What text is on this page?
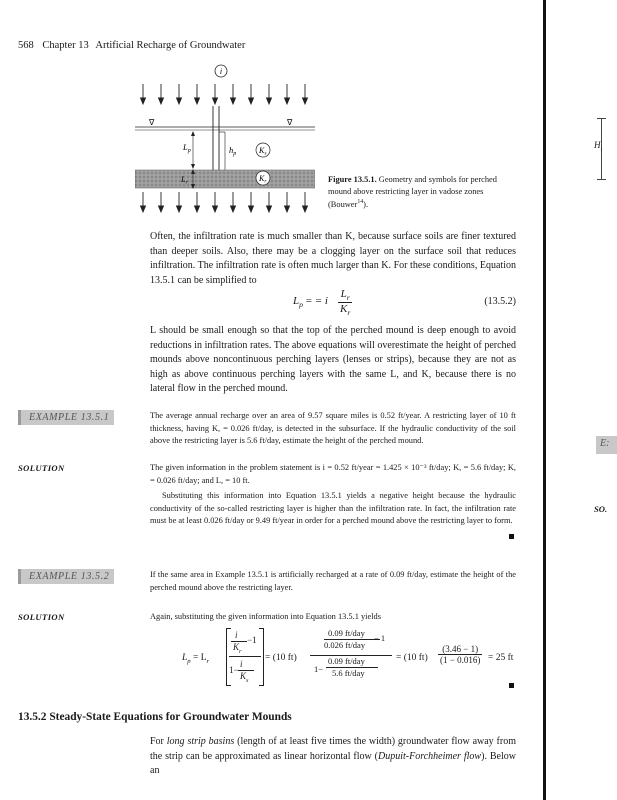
568 Chapter 13 Artificial Recharge of Groundwater
i
∇	∇
$L_p$	$h_p$	Ks
Lr	Kr	Figure 13.5.1. Geometry and symbols for perched mound above restricting layer in vadose zones (Bouwer$^{14}$).
Often, the infiltration rate is much smaller than K, because surface soils are finer textured than deeper soils. Also, there may be a clogging layer on the surface soil that reduces infiltration. The infiltration rate is often much larger than K. For these conditions, Equation 13.5.1 can be simplified to
$L_p$ = = i $\frac{L_r}{K_r}$	(13.5.2)
L should be small enough so that the top of the perched mound is deep enough to avoid reductions in infiltration rates. The above equations will overestimate the height of perched mounds above noncontinuous perching layers (lenses or strips), because they are not as high as above continuous perching layers with the same L, and K, because there is no lateral flow in the perched mound.
EXAMPLE 13.5.1	The average annual recharge over an area of 9.57 square miles is 0.52 ft/year. A restricting layer of 10 ft thickness, having K, = 0.026 ft/day, is detected in the subsurface. If the hydraulic conductivity of the soil above the restricting layer is 5.6 ft/day, estimate the height of the perched mound.
SOLUTION	The given information in the problem statement is i = 0.52 ft/year = 1.425 × 10⁻³ ft/day; K, = 5.6 ft/day; K, = 0.026 ft/day; and L, = 10 ft.
Substituting this information into Equation 13.5.1 yields a negative height because the hydraulic conductivity of the so-called restricting layer is higher than the infiltration rate. In fact, the infiltration rate must be at least 0.026 ft/day or 9.49 ft/year in order for a perched mound above the restricting layer to form.
EXAMPLE 13.5.2	If the same area in Example 13.5.1 is artificially recharged at a rate of 0.09 ft/day, estimate the height of the perched mound above the restricting layer.
SOLUTION	Again, substituting the given information into Equation 13.5.1 yields
$L_p = L_r$
i
$K_r$
−1
i
1−
$K_s$
= (10 ft)
0.09 ft/day
0.026 ft/day
− 1
0.09 ft/day
1− 5.6 ft/day
= (10 $ft) \frac{(3.46 - 1)}{(1 - 0.016)} = 25$ ft
13.5.2 Steady-State Equations for Groundwater Mounds
For long strip basins (length of at least five times the width) groundwater flow away from the strip can be approximated as linear horizontal flow (Dupuit-Forchheimer flow). Below an
$H_i$
E:
SO.
